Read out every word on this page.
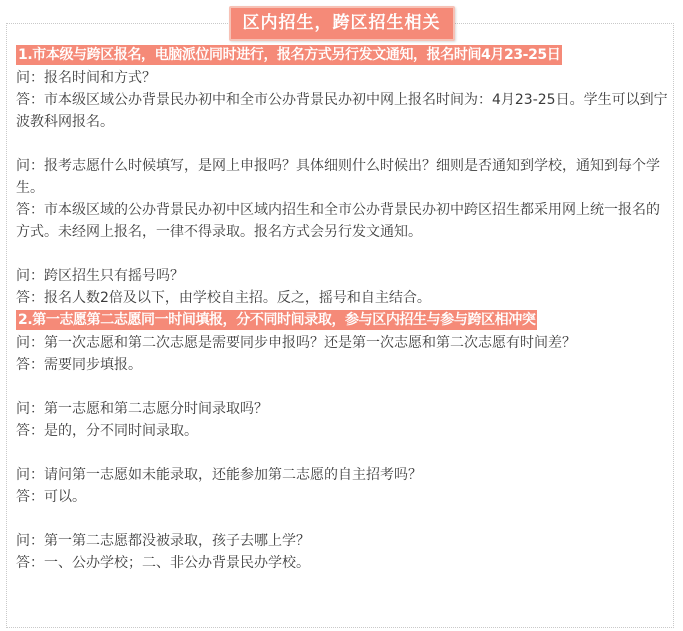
区内招生，跨区招生相关
1.市本级与跨区报名，电脑派位同时进行，报名方式另行发文通知，报名时间4月23-25日

问：报名时间和方式？

答：市本级区域公办背景民办初中和全市公办背景民办初中网上报名时间为：4月23-25日。学生可以到宁波教科网报名。

问：报考志愿什么时候填写，是网上申报吗？具体细则什么时候出？细则是否通知到学校，通知到每个学生。

答：市本级区域的公办背景民办初中区域内招生和全市公办背景民办初中跨区招生都采用网上统一报名的方式。未经网上报名，一律不得录取。报名方式会另行发文通知。

问：跨区招生只有摇号吗？

答：报名人数2倍及以下，由学校自主招。反之，摇号和自主结合。

2.第一志愿第二志愿同一时间填报，分不同时间录取，参与区内招生与参与跨区相冲突

问：第一次志愿和第二次志愿是需要同步申报吗？还是第一次志愿和第二次志愿有时间差？

答：需要同步填报。

问：第一志愿和第二志愿分时间录取吗？

答：是的，分不同时间录取。

问：请问第一志愿如未能录取，还能参加第二志愿的自主招考吗？

答：可以。

问：第一第二志愿都没被录取，孩子去哪上学？

答：一、公办学校；二、非公办背景民办学校。
